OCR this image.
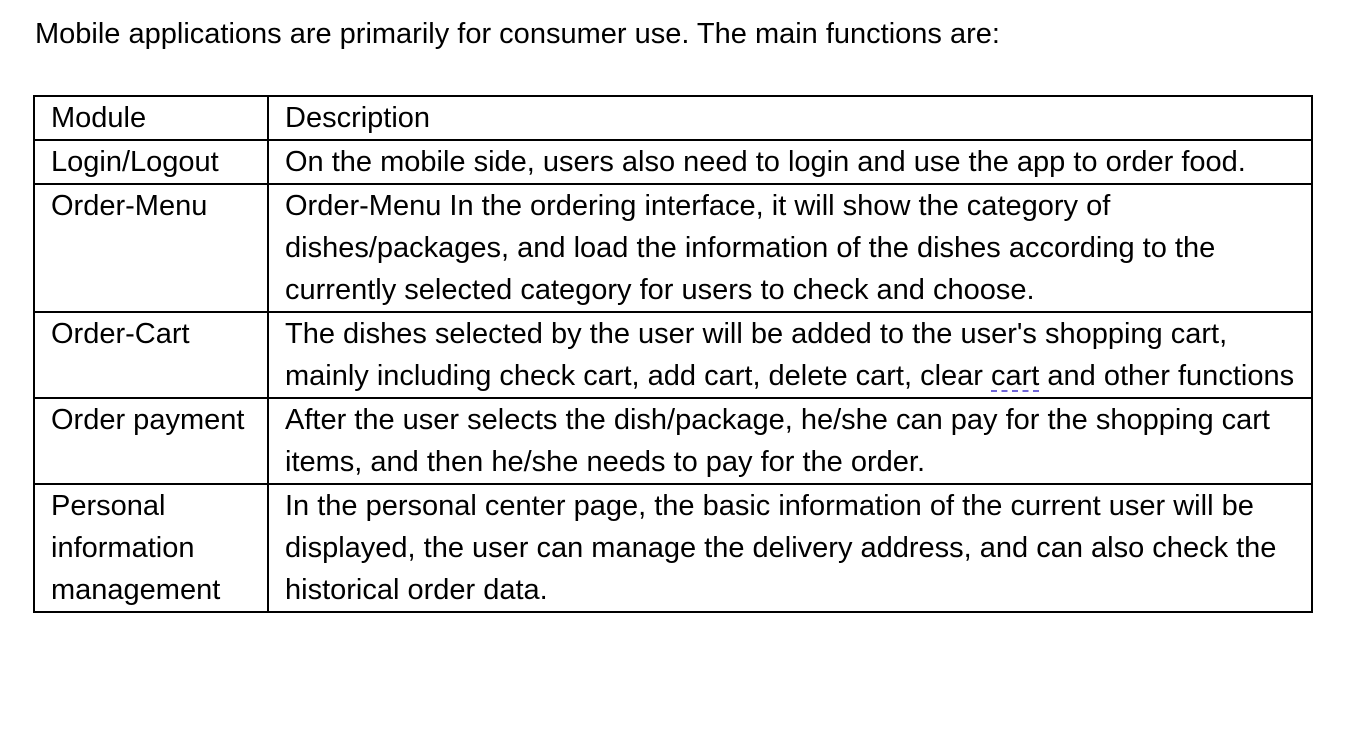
Mobile applications are primarily for consumer use. The main functions are:
Module	Description
Login/Logout	On the mobile side, users also need to login and use the app to order food.
Order-Menu	Order-Menu In the ordering interface, it will show the category of dishes/packages, and load the information of the dishes according to the currently selected category for users to check and choose.
Order-Cart	The dishes selected by the user will be added to the user's shopping cart, mainly including check cart, add cart, delete cart, clear cart and other functions
Order payment	After the user selects the dish/package, he/she can pay for the shopping cart items, and then he/she needs to pay for the order.
Personal information management	In the personal center page, the basic information of the current user will be displayed, the user can manage the delivery address, and can also check the historical order data.
